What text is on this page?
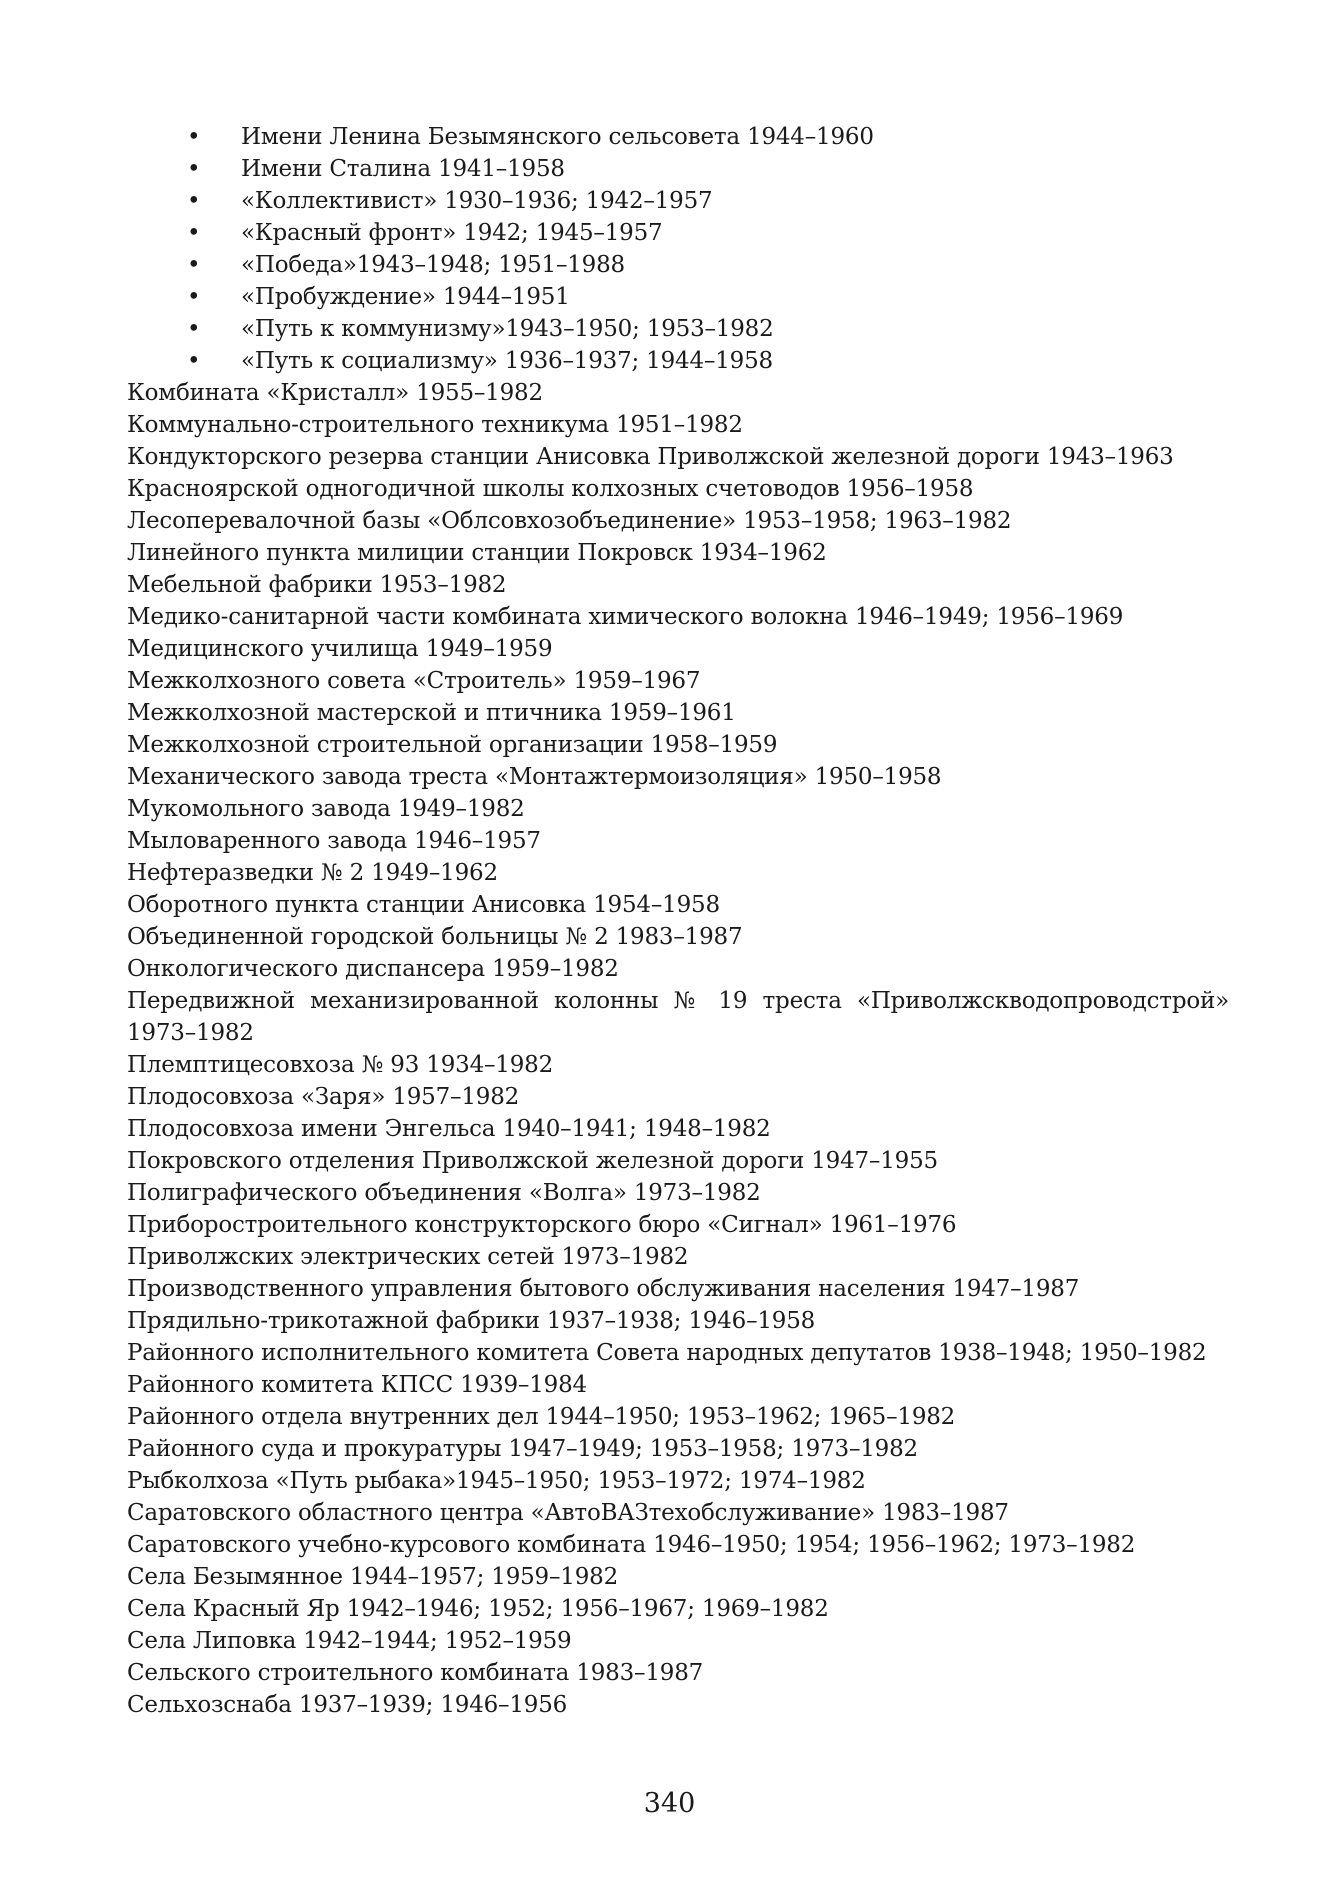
• Имени Ленина Безымянского сельсовета 1944–1960
• Имени Сталина 1941–1958
• «Коллективист» 1930–1936; 1942–1957
• «Красный фронт» 1942; 1945–1957
• «Победа»1943–1948; 1951–1988
• «Пробуждение» 1944–1951
• «Путь к коммунизму»1943–1950; 1953–1982
• «Путь к социализму» 1936–1937; 1944–1958
Комбината «Кристалл» 1955–1982
Коммунально-строительного техникума 1951–1982
Кондукторского резерва станции Анисовка Приволжской железной дороги 1943–1963
Красноярской одногодичной школы колхозных счетоводов 1956–1958
Лесоперевалочной базы «Облсовхозобъединение» 1953–1958; 1963–1982
Линейного пункта милиции станции Покровск 1934–1962
Мебельной фабрики 1953–1982
Медико-санитарной части комбината химического волокна 1946–1949; 1956–1969
Медицинского училища 1949–1959
Межколхозного совета «Строитель» 1959–1967
Межколхозной мастерской и птичника 1959–1961
Межколхозной строительной организации 1958–1959
Механического завода треста «Монтажтермоизоляция» 1950–1958
Мукомольного завода 1949–1982
Мыловаренного завода 1946–1957
Нефтеразведки № 2 1949–1962
Оборотного пункта станции Анисовка 1954–1958
Объединенной городской больницы № 2 1983–1987
Онкологического диспансера 1959–1982
Передвижной механизированной колонны № 19 треста «Приволжскводопроводстрой»
1973–1982
Племптицесовхоза № 93 1934–1982
Плодосовхоза «Заря» 1957–1982
Плодосовхоза имени Энгельса 1940–1941; 1948–1982
Покровского отделения Приволжской железной дороги 1947–1955
Полиграфического объединения «Волга» 1973–1982
Приборостроительного конструкторского бюро «Сигнал» 1961–1976
Приволжских электрических сетей 1973–1982
Производственного управления бытового обслуживания населения 1947–1987
Прядильно-трикотажной фабрики 1937–1938; 1946–1958
Районного исполнительного комитета Совета народных депутатов 1938–1948; 1950–1982
Районного комитета КПСС 1939–1984
Районного отдела внутренних дел 1944–1950; 1953–1962; 1965–1982
Районного суда и прокуратуры 1947–1949; 1953–1958; 1973–1982
Рыбколхоза «Путь рыбака»1945–1950; 1953–1972; 1974–1982
Саратовского областного центра «АвтоВАЗтехобслуживание» 1983–1987
Саратовского учебно-курсового комбината 1946–1950; 1954; 1956–1962; 1973–1982
Села Безымянное 1944–1957; 1959–1982
Села Красный Яр 1942–1946; 1952; 1956–1967; 1969–1982
Села Липовка 1942–1944; 1952–1959
Сельского строительного комбината 1983–1987
Сельхозснаба 1937–1939; 1946–1956
340
